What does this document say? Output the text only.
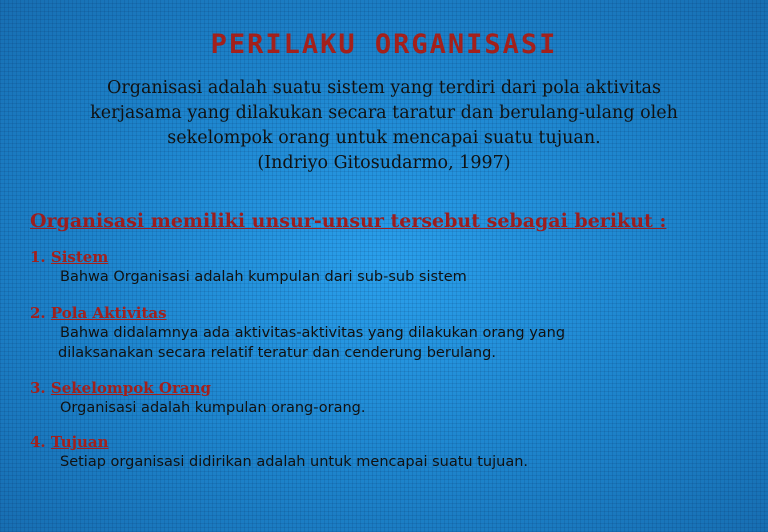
PERILAKU ORGANISASI
Organisasi adalah suatu sistem yang terdiri dari pola aktivitas
kerjasama yang dilakukan secara taratur dan berulang-ulang oleh
sekelompok orang untuk mencapai suatu tujuan.
(Indriyo Gitosudarmo, 1997)
Organisasi memiliki unsur-unsur tersebut sebagai berikut :
1. Sistem
Bahwa Organisasi adalah kumpulan dari sub-sub sistem
2. Pola Aktivitas
Bahwa didalamnya ada aktivitas-aktivitas yang dilakukan orang yang
dilaksanakan secara relatif teratur dan cenderung berulang.
3. Sekelompok Orang
Organisasi adalah kumpulan orang-orang.
4. Tujuan
Setiap organisasi didirikan adalah untuk mencapai suatu tujuan.
